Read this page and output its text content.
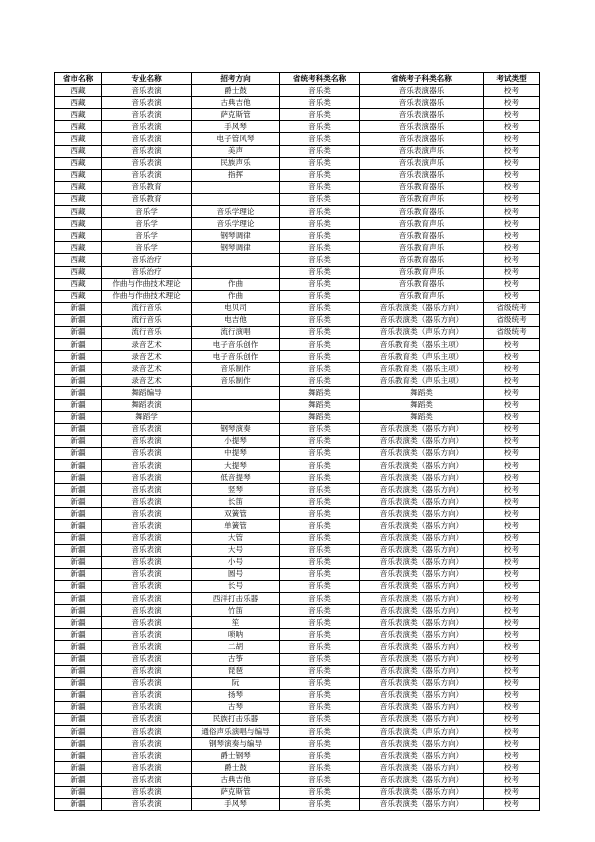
省市名称	专业名称	招考方向	省统考科类名称	省统考子科类名称	考试类型
西藏	音乐表演	爵士鼓	音乐类	音乐表演器乐	校考
西藏	音乐表演	古典吉他	音乐类	音乐表演器乐	校考
西藏	音乐表演	萨克斯管	音乐类	音乐表演器乐	校考
西藏	音乐表演	手风琴	音乐类	音乐表演器乐	校考
西藏	音乐表演	电子管风琴	音乐类	音乐表演器乐	校考
西藏	音乐表演	美声	音乐类	音乐表演声乐	校考
西藏	音乐表演	民族声乐	音乐类	音乐表演声乐	校考
西藏	音乐表演	指挥	音乐类	音乐表演器乐	校考
西藏	音乐教育		音乐类	音乐教育器乐	校考
西藏	音乐教育		音乐类	音乐教育声乐	校考
西藏	音乐学	音乐学理论	音乐类	音乐教育器乐	校考
西藏	音乐学	音乐学理论	音乐类	音乐教育声乐	校考
西藏	音乐学	钢琴调律	音乐类	音乐教育器乐	校考
西藏	音乐学	钢琴调律	音乐类	音乐教育声乐	校考
西藏	音乐治疗		音乐类	音乐教育器乐	校考
西藏	音乐治疗		音乐类	音乐教育声乐	校考
西藏	作曲与作曲技术理论	作曲	音乐类	音乐教育器乐	校考
西藏	作曲与作曲技术理论	作曲	音乐类	音乐教育声乐	校考
新疆	流行音乐	电贝司	音乐类	音乐表演类（器乐方向）	省级统考
新疆	流行音乐	电吉他	音乐类	音乐表演类（器乐方向）	省级统考
新疆	流行音乐	流行演唱	音乐类	音乐表演类（声乐方向）	省级统考
新疆	录音艺术	电子音乐创作	音乐类	音乐教育类（器乐主项）	校考
新疆	录音艺术	电子音乐创作	音乐类	音乐教育类（声乐主项）	校考
新疆	录音艺术	音乐制作	音乐类	音乐教育类（器乐主项）	校考
新疆	录音艺术	音乐制作	音乐类	音乐教育类（声乐主项）	校考
新疆	舞蹈编导		舞蹈类	舞蹈类	校考
新疆	舞蹈表演		舞蹈类	舞蹈类	校考
新疆	舞蹈学		舞蹈类	舞蹈类	校考
新疆	音乐表演	钢琴演奏	音乐类	音乐表演类（器乐方向）	校考
新疆	音乐表演	小提琴	音乐类	音乐表演类（器乐方向）	校考
新疆	音乐表演	中提琴	音乐类	音乐表演类（器乐方向）	校考
新疆	音乐表演	大提琴	音乐类	音乐表演类（器乐方向）	校考
新疆	音乐表演	低音提琴	音乐类	音乐表演类（器乐方向）	校考
新疆	音乐表演	竖琴	音乐类	音乐表演类（器乐方向）	校考
新疆	音乐表演	长笛	音乐类	音乐表演类（器乐方向）	校考
新疆	音乐表演	双簧管	音乐类	音乐表演类（器乐方向）	校考
新疆	音乐表演	单簧管	音乐类	音乐表演类（器乐方向）	校考
新疆	音乐表演	大管	音乐类	音乐表演类（器乐方向）	校考
新疆	音乐表演	大号	音乐类	音乐表演类（器乐方向）	校考
新疆	音乐表演	小号	音乐类	音乐表演类（器乐方向）	校考
新疆	音乐表演	圆号	音乐类	音乐表演类（器乐方向）	校考
新疆	音乐表演	长号	音乐类	音乐表演类（器乐方向）	校考
新疆	音乐表演	西洋打击乐器	音乐类	音乐表演类（器乐方向）	校考
新疆	音乐表演	竹笛	音乐类	音乐表演类（器乐方向）	校考
新疆	音乐表演	笙	音乐类	音乐表演类（器乐方向）	校考
新疆	音乐表演	唢呐	音乐类	音乐表演类（器乐方向）	校考
新疆	音乐表演	二胡	音乐类	音乐表演类（器乐方向）	校考
新疆	音乐表演	古筝	音乐类	音乐表演类（器乐方向）	校考
新疆	音乐表演	琵琶	音乐类	音乐表演类（器乐方向）	校考
新疆	音乐表演	阮	音乐类	音乐表演类（器乐方向）	校考
新疆	音乐表演	扬琴	音乐类	音乐表演类（器乐方向）	校考
新疆	音乐表演	古琴	音乐类	音乐表演类（器乐方向）	校考
新疆	音乐表演	民族打击乐器	音乐类	音乐表演类（器乐方向）	校考
新疆	音乐表演	通俗声乐演唱与编导	音乐类	音乐表演类（声乐方向）	校考
新疆	音乐表演	钢琴演奏与编导	音乐类	音乐表演类（器乐方向）	校考
新疆	音乐表演	爵士钢琴	音乐类	音乐表演类（器乐方向）	校考
新疆	音乐表演	爵士鼓	音乐类	音乐表演类（器乐方向）	校考
新疆	音乐表演	古典吉他	音乐类	音乐表演类（器乐方向）	校考
新疆	音乐表演	萨克斯管	音乐类	音乐表演类（器乐方向）	校考
新疆	音乐表演	手风琴	音乐类	音乐表演类（器乐方向）	校考
